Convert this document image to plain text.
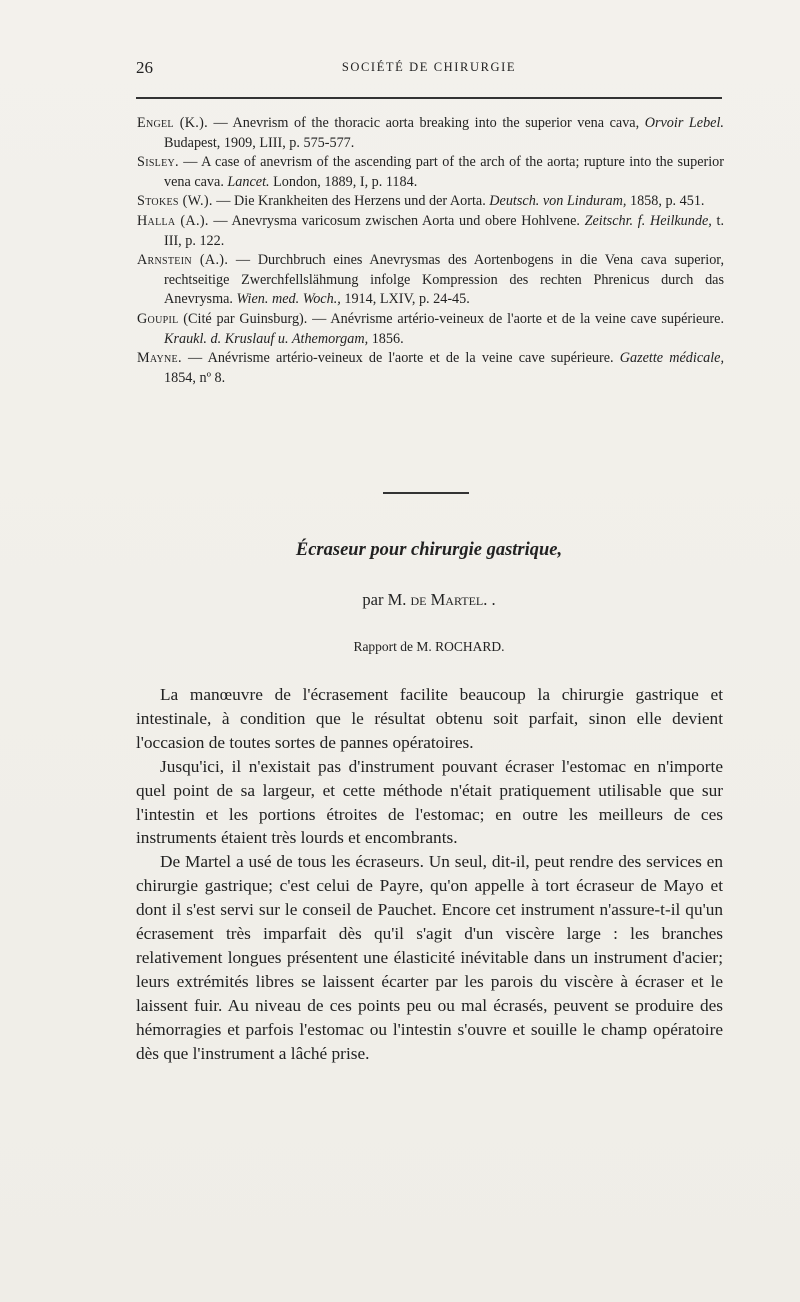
26	SOCIÉTÉ DE CHIRURGIE

Engel (K.). — Anevrism of the thoracic aorta breaking into the superior vena cava, Orvoir Lebel. Budapest, 1909, LIII, p. 575-577.

Sisley. — A case of anevrism of the ascending part of the arch of the aorta; rupture into the superior vena cava. Lancet. London, 1889, I, p. 1184.

Stokes (W.). — Die Krankheiten des Herzens und der Aorta. Deutsch. von Linduram, 1858, p. 451.

Halla (A.). — Anevrysma varicosum zwischen Aorta und obere Hohlvene. Zeitschr. f. Heilkunde, t. III, p. 122.

Arnstein (A.). — Durchbruch eines Anevrysmas des Aortenbogens in die Vena cava superior, rechtseitige Zwerchfellslähmung infolge Kompression des rechten Phrenicus durch das Anevrysma. Wien. med. Woch., 1914, LXIV, p. 24-45.

Goupil (Cité par Guinsburg). — Anévrisme artério-veineux de l'aorte et de la veine cave supérieure. Kraukl. d. Kruslauf u. Athemorgam, 1856.

Mayne. — Anévrisme artério-veineux de l'aorte et de la veine cave supérieure. Gazette médicale, 1854, nº 8.

Écraseur pour chirurgie gastrique,
par M. de Martel. .
Rapport de M. ROCHARD.

La manœuvre de l'écrasement facilite beaucoup la chirurgie gastrique et intestinale, à condition que le résultat obtenu soit parfait, sinon elle devient l'occasion de toutes sortes de pannes opératoires.

Jusqu'ici, il n'existait pas d'instrument pouvant écraser l'estomac en n'importe quel point de sa largeur, et cette méthode n'était pratiquement utilisable que sur l'intestin et les portions étroites de l'estomac; en outre les meilleurs de ces instruments étaient très lourds et encombrants.

De Martel a usé de tous les écraseurs. Un seul, dit-il, peut rendre des services en chirurgie gastrique; c'est celui de Payre, qu'on appelle à tort écraseur de Mayo et dont il s'est servi sur le conseil de Pauchet. Encore cet instrument n'assure-t-il qu'un écrasement très imparfait dès qu'il s'agit d'un viscère large : les branches relativement longues présentent une élasticité inévitable dans un instrument d'acier; leurs extrémités libres se laissent écarter par les parois du viscère à écraser et le laissent fuir. Au niveau de ces points peu ou mal écrasés, peuvent se produire des hémorragies et parfois l'estomac ou l'intestin s'ouvre et souille le champ opératoire dès que l'instrument a lâché prise.
